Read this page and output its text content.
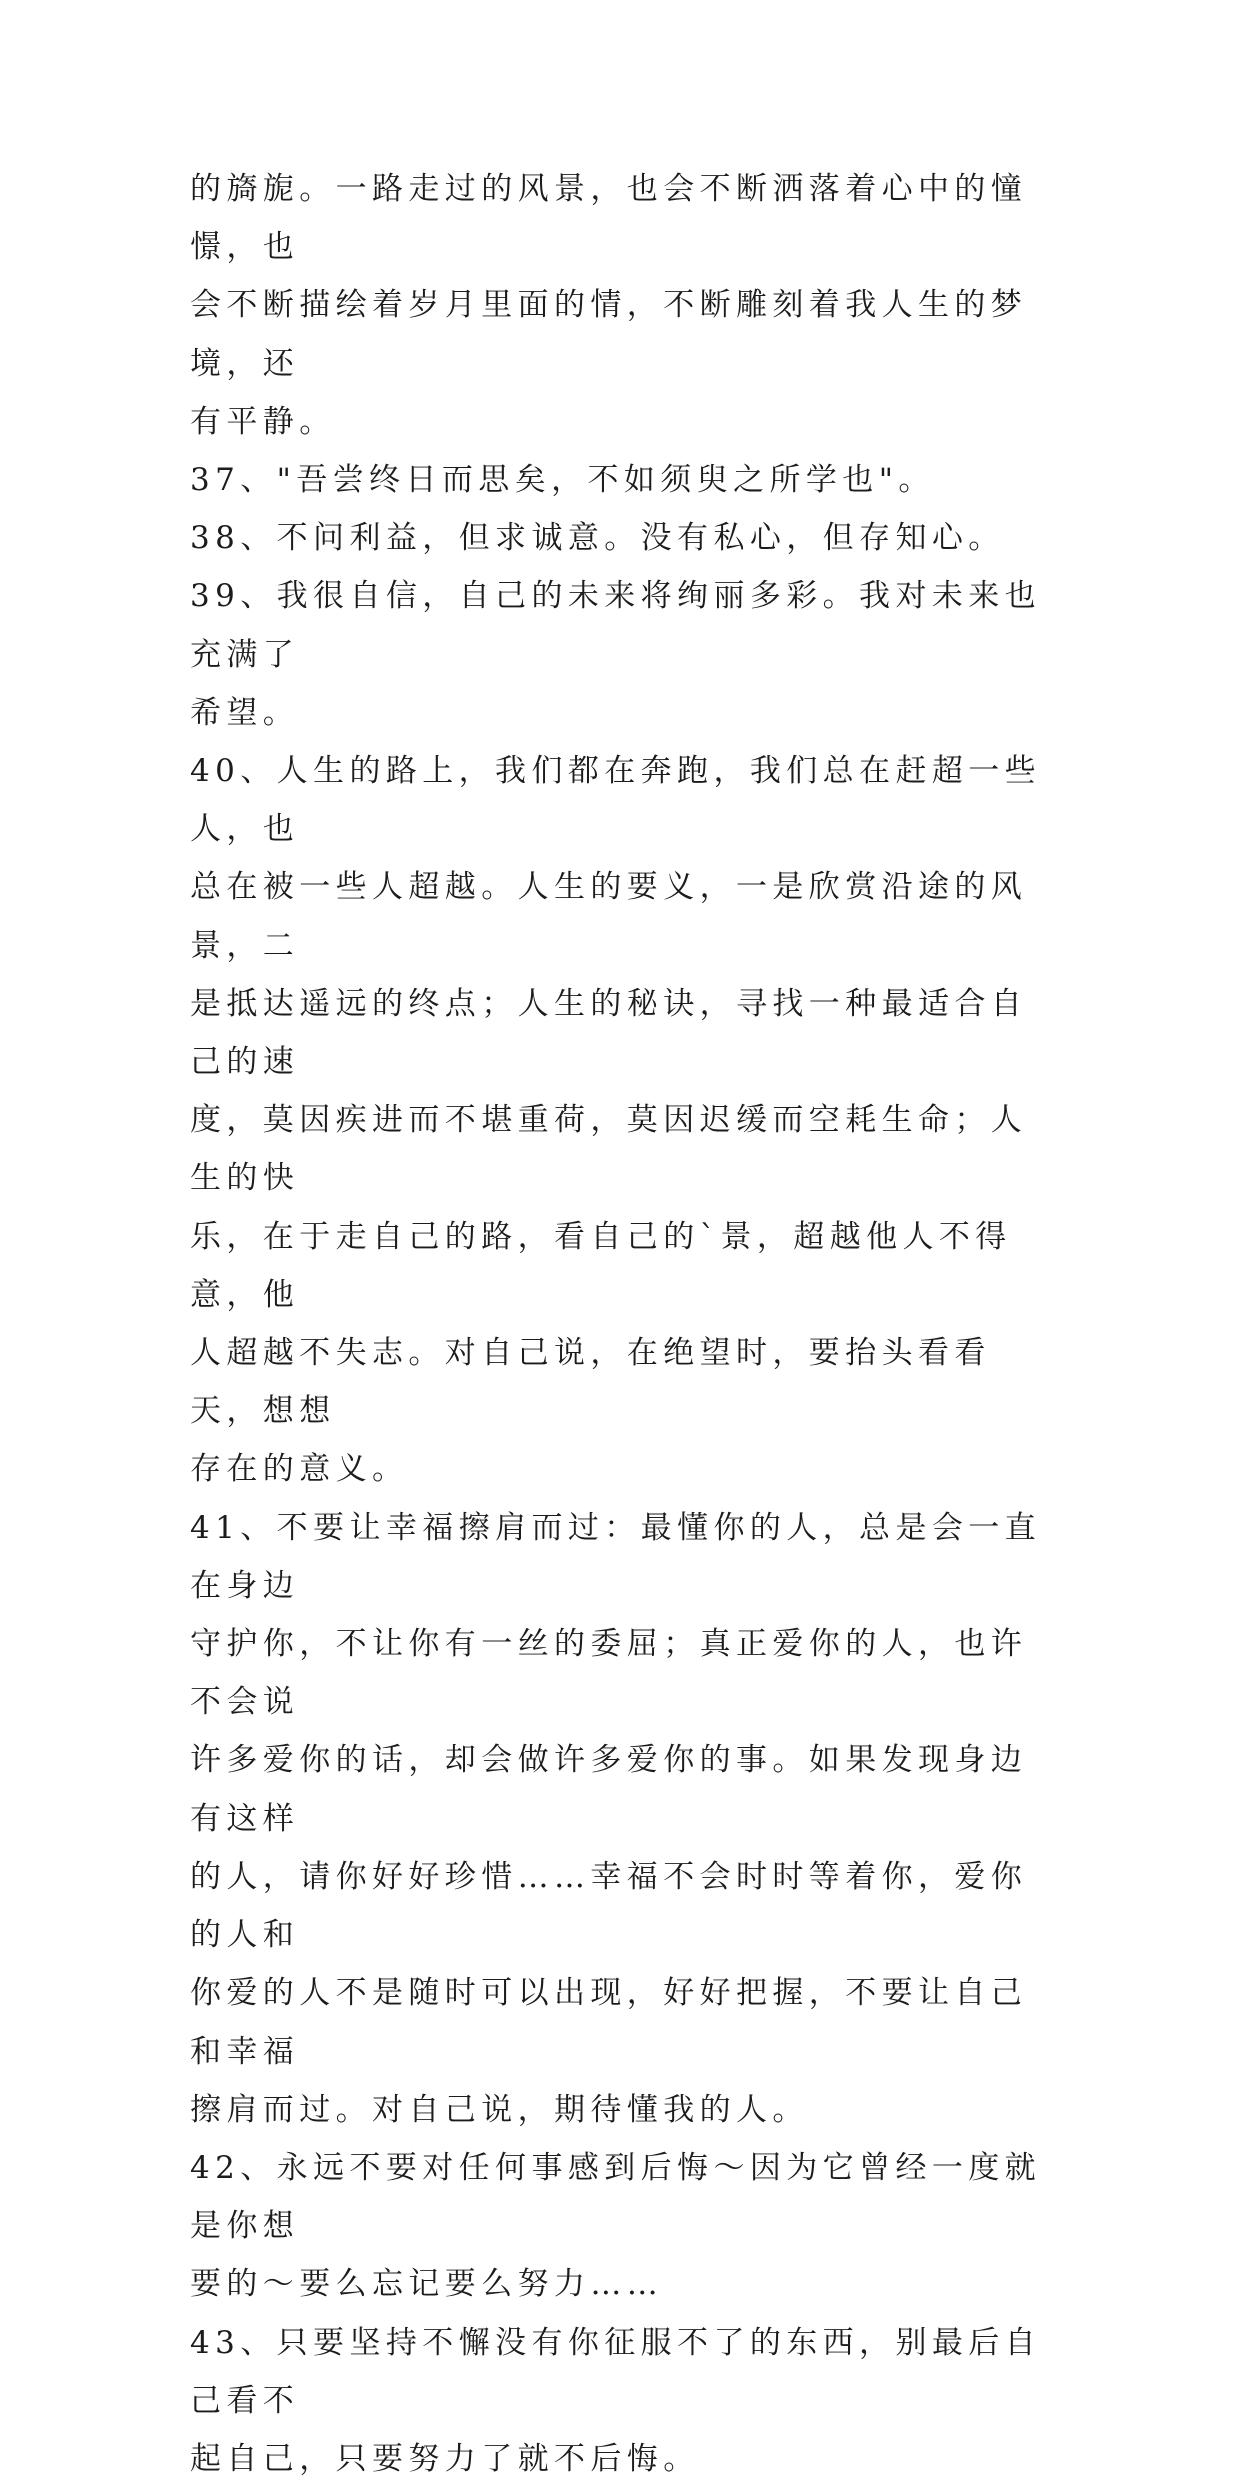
的旖旎。一路走过的风景，也会不断洒落着心中的憧憬，也
会不断描绘着岁月里面的情，不断雕刻着我人生的梦境，还
有平静。

37、"吾尝终日而思矣，不如须臾之所学也"。

38、不问利益，但求诚意。没有私心，但存知心。

39、我很自信，自己的未来将绚丽多彩。我对未来也充满了
希望。

40、人生的路上，我们都在奔跑，我们总在赶超一些人，也
总在被一些人超越。人生的要义，一是欣赏沿途的风景，二
是抵达遥远的终点；人生的秘诀，寻找一种最适合自己的速
度，莫因疾进而不堪重荷，莫因迟缓而空耗生命；人生的快
乐，在于走自己的路，看自己的`景，超越他人不得意，他
人超越不失志。对自己说，在绝望时，要抬头看看天，想想
存在的意义。

41、不要让幸福擦肩而过：最懂你的人，总是会一直在身边
守护你，不让你有一丝的委屈；真正爱你的人，也许不会说
许多爱你的话，却会做许多爱你的事。如果发现身边有这样
的人，请你好好珍惜……幸福不会时时等着你，爱你的人和
你爱的人不是随时可以出现，好好把握，不要让自己和幸福
擦肩而过。对自己说，期待懂我的人。

42、永远不要对任何事感到后悔～因为它曾经一度就是你想
要的～要么忘记要么努力……

43、只要坚持不懈没有你征服不了的东西，别最后自己看不
起自己，只要努力了就不后悔。
